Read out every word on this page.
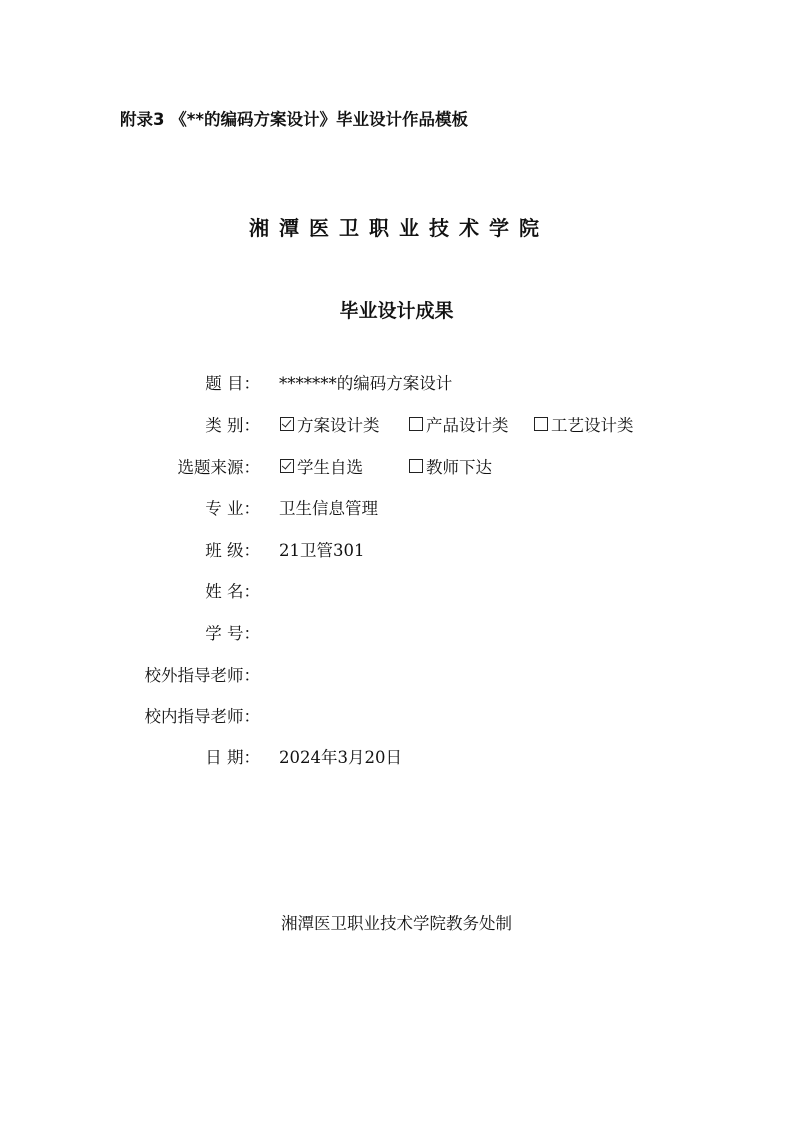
附录3 《**的编码方案设计》毕业设计作品模板
湘潭医卫职业技术学院
毕业设计成果
题 目： *******的编码方案设计
类 别： 方案设计类	产品设计类	工艺设计类
选题来源： 学生自选	教师下达
专 业： 卫生信息管理
班 级： 21卫管301
姓 名：
学 号：
校外指导老师：
校内指导老师：
日 期： 2024年3月20日
湘潭医卫职业技术学院教务处制
